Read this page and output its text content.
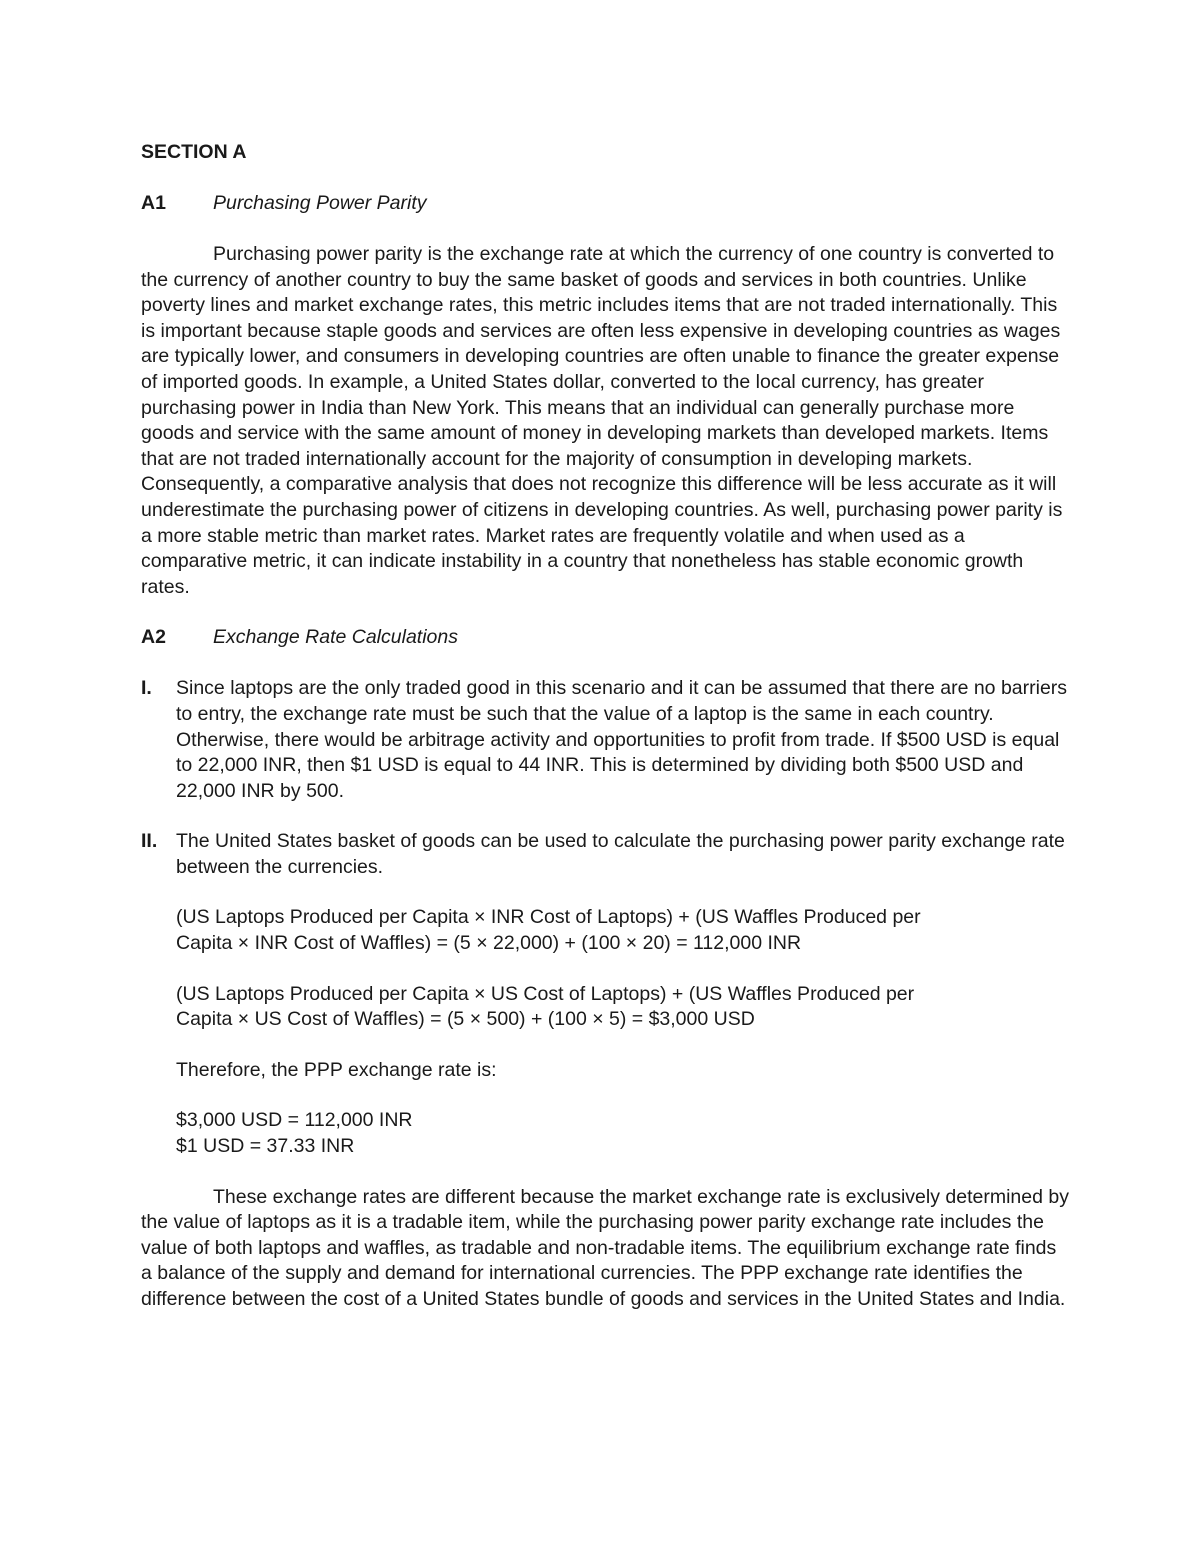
SECTION A
A1	Purchasing Power Parity

Purchasing power parity is the exchange rate at which the currency of one country is converted to the currency of another country to buy the same basket of goods and services in both countries. Unlike poverty lines and market exchange rates, this metric includes items that are not traded internationally. This is important because staple goods and services are often less expensive in developing countries as wages are typically lower, and consumers in developing countries are often unable to finance the greater expense of imported goods. In example, a United States dollar, converted to the local currency, has greater purchasing power in India than New York. This means that an individual can generally purchase more goods and service with the same amount of money in developing markets than developed markets. Items that are not traded internationally account for the majority of consumption in developing markets. Consequently, a comparative analysis that does not recognize this difference will be less accurate as it will underestimate the purchasing power of citizens in developing countries. As well, purchasing power parity is a more stable metric than market rates. Market rates are frequently volatile and when used as a comparative metric, it can indicate instability in a country that nonetheless has stable economic growth rates.

A2	Exchange Rate Calculations
I.	Since laptops are the only traded good in this scenario and it can be assumed that there are no barriers to entry, the exchange rate must be such that the value of a laptop is the same in each country. Otherwise, there would be arbitrage activity and opportunities to profit from trade. If $500 USD is equal to 22,000 INR, then $1 USD is equal to 44 INR. This is determined by dividing both $500 USD and 22,000 INR by 500.
II. The United States basket of goods can be used to calculate the purchasing power parity exchange rate between the currencies.
(US Laptops Produced per Capita × INR Cost of Laptops) + (US Waffles Produced per
Capita × INR Cost of Waffles) = (5 × 22,000) + (100 × 20) = 112,000 INR
(US Laptops Produced per Capita × US Cost of Laptops) + (US Waffles Produced per
Capita × US Cost of Waffles) = (5 × 500) + (100 × 5) = $3,000 USD
Therefore, the PPP exchange rate is:
$3,000 USD = 112,000 INR
$1 USD = 37.33 INR

These exchange rates are different because the market exchange rate is exclusively determined by the value of laptops as it is a tradable item, while the purchasing power parity exchange rate includes the value of both laptops and waffles, as tradable and non-tradable items. The equilibrium exchange rate finds a balance of the supply and demand for international currencies. The PPP exchange rate identifies the difference between the cost of a United States bundle of goods and services in the United States and India.
